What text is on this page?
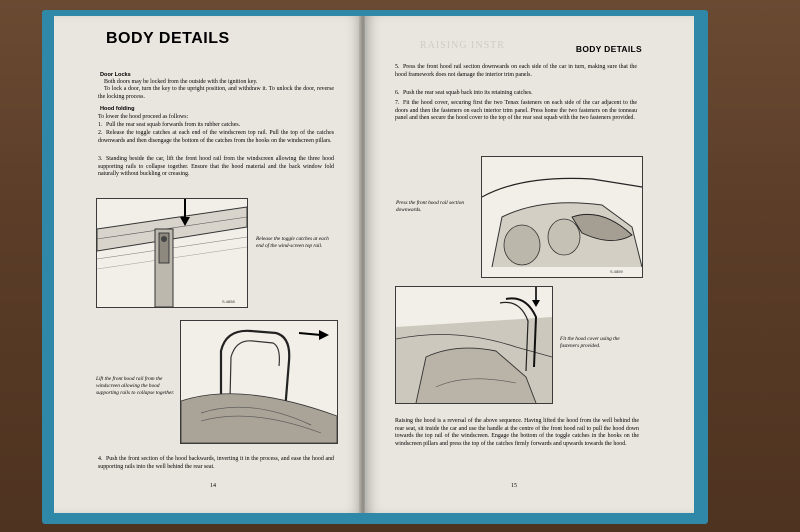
BODY DETAILS
Door Locks
Both doors may be locked from the outside with the ignition key.
To lock a door, turn the key to the upright position, and withdraw it. To unlock the door, reverse the locking process.
Hood folding
To lower the hood proceed as follows:
1. Pull the rear seat squab forwards from its rubber catches.
2. Release the toggle catches at each end of the windscreen top rail. Pull the top of the catches downwards and then disengage the bottom of the catches from the hooks on the windscreen pillars.
3. Standing beside the car, lift the front hood rail from the windscreen allowing the three hood supporting rails to collapse together. Ensure that the hood material and the back window fold naturally without buckling or creasing.
S.4858
Release the toggle catches at each end of the wind-screen top rail.
Lift the front hood rail from the windscreen allowing the hood supporting rails to collapse together.
4. Push the front section of the hood backwards, inverting it in the process, and ease the hood and supporting rails into the well behind the rear seat.
14
RAISING INSTR	BODY DETAILS
5. Press the front hood rail section downwards on each side of the car in turn, making sure that the hood framework does not damage the interior trim panels.
6. Push the rear seat squab back into its retaining catches.
7. Fit the hood cover, securing first the two Tenax fasteners on each side of the car adjacent to the doors and then the fasteners on each interior trim panel. Press home the two fasteners on the tonneau panel and then secure the hood cover to the top of the rear seat squab with the two fasteners provided.
S.4859
Press the front hood rail section downwards.
Fit the hood cover using the fasteners provided.
Raising the hood is a reversal of the above sequence. Having lifted the hood from the well behind the rear seat, sit inside the car and use the handle at the centre of the front hood rail to pull the hood down towards the top rail of the windscreen. Engage the bottom of the toggle catches in the hooks on the windscreen pillars and press the top of the catches firmly forwards and upwards towards the hood.
15
